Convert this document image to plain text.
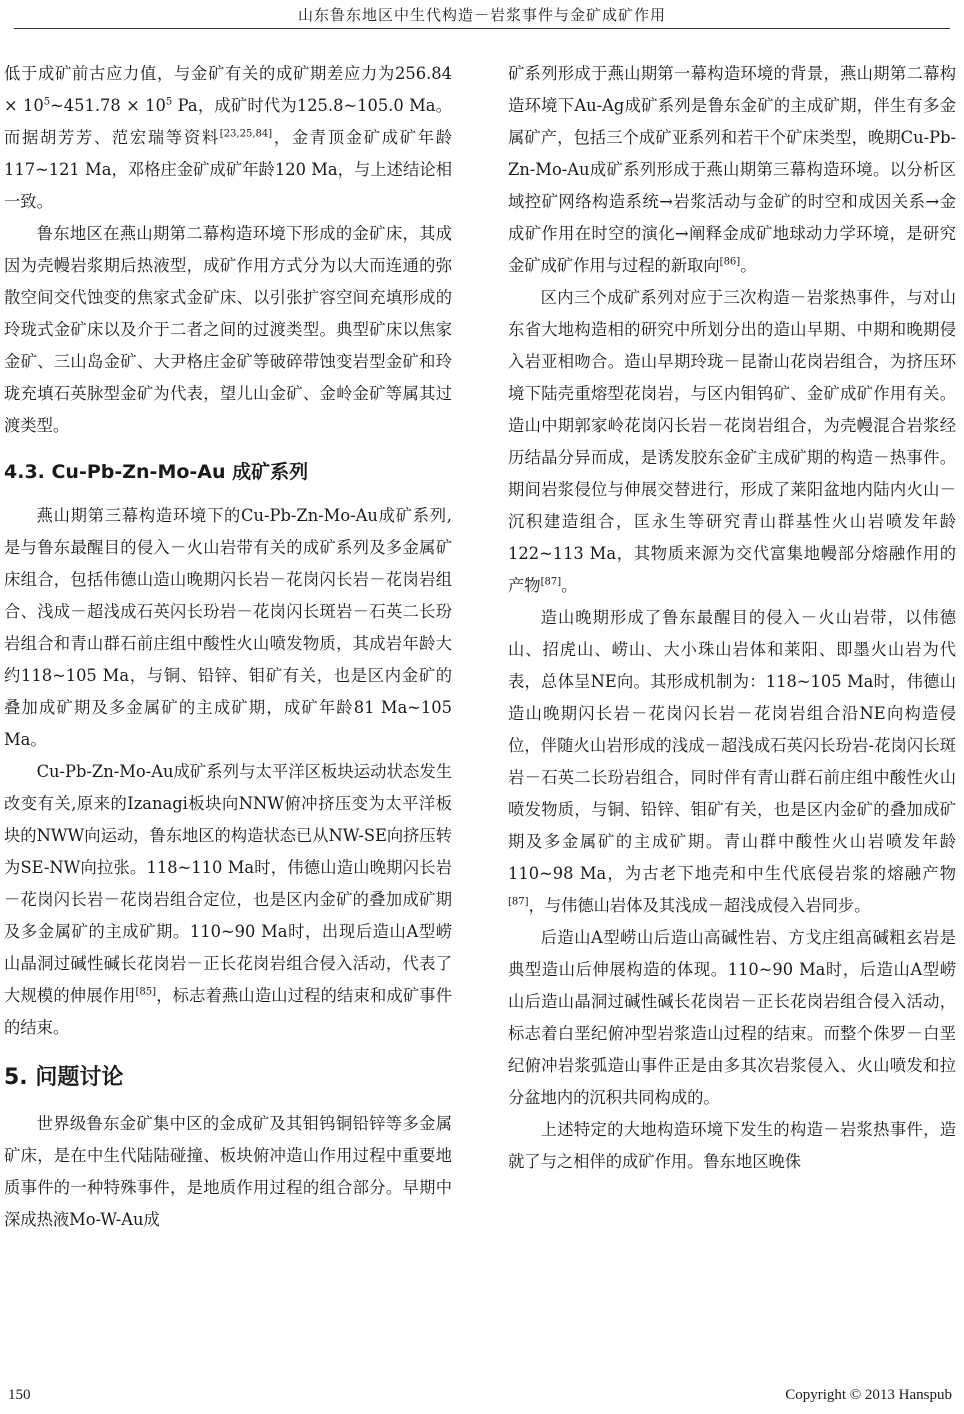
山东鲁东地区中生代构造－岩浆事件与金矿成矿作用

低于成矿前古应力值，与金矿有关的成矿期差应力为$256.84 \times 10^5\sim 451.78 \times 10^5$ Pa，成矿时代为125.8~105.0 Ma。而据胡芳芳、范宏瑞等资料[23,25,84]，金青顶金矿成矿年龄117~121 Ma，邓格庄金矿成矿年龄120 Ma，与上述结论相一致。

鲁东地区在燕山期第二幕构造环境下形成的金矿床，其成因为壳幔岩浆期后热液型，成矿作用方式分为以大而连通的弥散空间交代蚀变的焦家式金矿床、以引张扩容空间充填形成的玲珑式金矿床以及介于二者之间的过渡类型。典型矿床以焦家金矿、三山岛金矿、大尹格庄金矿等破碎带蚀变岩型金矿和玲珑充填石英脉型金矿为代表，望儿山金矿、金岭金矿等属其过渡类型。

4.3. Cu-Pb-Zn-Mo-Au 成矿系列

燕山期第三幕构造环境下的Cu-Pb-Zn-Mo-Au成矿系列,是与鲁东最醒目的侵入－火山岩带有关的成矿系列及多金属矿床组合，包括伟德山造山晚期闪长岩－花岗闪长岩－花岗岩组合、浅成－超浅成石英闪长玢岩－花岗闪长斑岩－石英二长玢岩组合和青山群石前庄组中酸性火山喷发物质，其成岩年龄大约118~105 Ma，与铜、铅锌、钼矿有关，也是区内金矿的叠加成矿期及多金属矿的主成矿期，成矿年龄81 Ma~105 Ma。

Cu-Pb-Zn-Mo-Au成矿系列与太平洋区板块运动状态发生改变有关,原来的Izanagi板块向NNW俯冲挤压变为太平洋板块的NWW向运动，鲁东地区的构造状态已从NW-SE向挤压转为SE-NW向拉张。118~110 Ma时，伟德山造山晚期闪长岩－花岗闪长岩－花岗岩组合定位，也是区内金矿的叠加成矿期及多金属矿的主成矿期。110~90 Ma时，出现后造山A型崂山晶洞过碱性碱长花岗岩－正长花岗岩组合侵入活动，代表了大规模的伸展作用[85]，标志着燕山造山过程的结束和成矿事件的结束。

5. 问题讨论

世界级鲁东金矿集中区的金成矿及其钼钨铜铅锌等多金属矿床，是在中生代陆陆碰撞、板块俯冲造山作用过程中重要地质事件的一种特殊事件，是地质作用过程的组合部分。早期中深成热液Mo-W-Au成

矿系列形成于燕山期第一幕构造环境的背景，燕山期第二幕构造环境下Au-Ag成矿系列是鲁东金矿的主成矿期，伴生有多金属矿产，包括三个成矿亚系列和若干个矿床类型，晚期Cu-Pb-Zn-Mo-Au成矿系列形成于燕山期第三幕构造环境。以分析区域控矿网络构造系统→岩浆活动与金矿的时空和成因关系→金成矿作用在时空的演化→阐释金成矿地球动力学环境，是研究金矿成矿作用与过程的新取向[86]。

区内三个成矿系列对应于三次构造－岩浆热事件，与对山东省大地构造相的研究中所划分出的造山早期、中期和晚期侵入岩亚相吻合。造山早期玲珑－昆嵛山花岗岩组合，为挤压环境下陆壳重熔型花岗岩，与区内钼钨矿、金矿成矿作用有关。造山中期郭家岭花岗闪长岩－花岗岩组合，为壳幔混合岩浆经历结晶分异而成，是诱发胶东金矿主成矿期的构造－热事件。期间岩浆侵位与伸展交替进行，形成了莱阳盆地内陆内火山－沉积建造组合，匡永生等研究青山群基性火山岩喷发年龄122~113 Ma，其物质来源为交代富集地幔部分熔融作用的产物[87]。

造山晚期形成了鲁东最醒目的侵入－火山岩带，以伟德山、招虎山、崂山、大小珠山岩体和莱阳、即墨火山岩为代表，总体呈NE向。其形成机制为：118~105 Ma时，伟德山造山晚期闪长岩－花岗闪长岩－花岗岩组合沿NE向构造侵位，伴随火山岩形成的浅成－超浅成石英闪长玢岩-花岗闪长斑岩－石英二长玢岩组合，同时伴有青山群石前庄组中酸性火山喷发物质，与铜、铅锌、钼矿有关，也是区内金矿的叠加成矿期及多金属矿的主成矿期。青山群中酸性火山岩喷发年龄110~98 Ma，为古老下地壳和中生代底侵岩浆的熔融产物[87]，与伟德山岩体及其浅成－超浅成侵入岩同步。

后造山A型崂山后造山高碱性岩、方戈庄组高碱粗玄岩是典型造山后伸展构造的体现。110~90 Ma时，后造山A型崂山后造山晶洞过碱性碱长花岗岩－正长花岗岩组合侵入活动，标志着白垩纪俯冲型岩浆造山过程的结束。而整个侏罗－白垩纪俯冲岩浆弧造山事件正是由多其次岩浆侵入、火山喷发和拉分盆地内的沉积共同构成的。

上述特定的大地构造环境下发生的构造－岩浆热事件，造就了与之相伴的成矿作用。鲁东地区晚侏

150	Copyright © 2013 Hanspub
